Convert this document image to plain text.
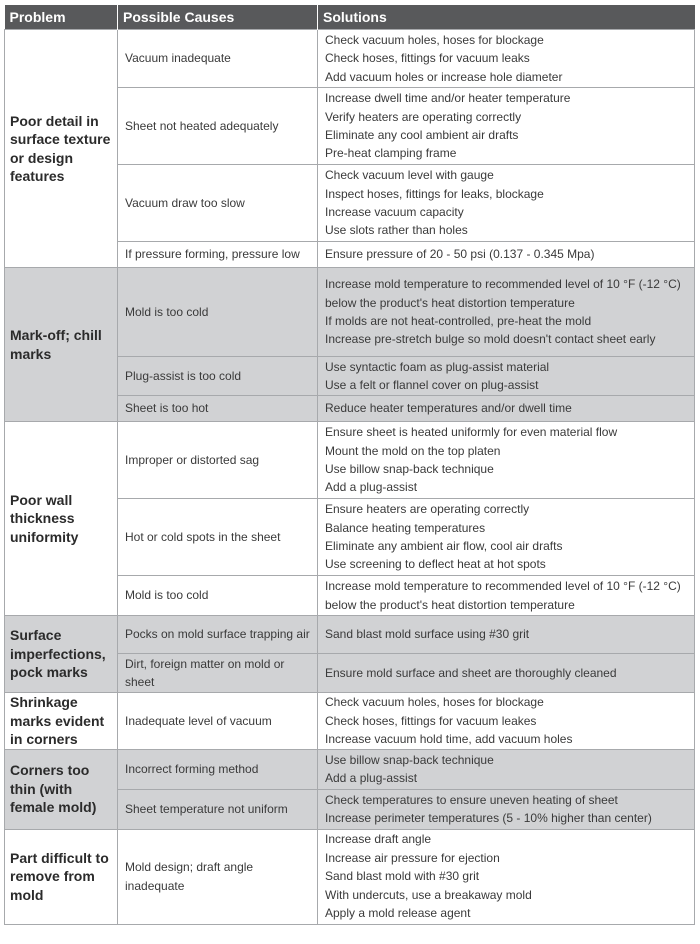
Problem	Possible Causes	Solutions
Poor detail in surface texture or design features	Vacuum inadequate	Check vacuum holes, hoses for blockage
Check hoses, fittings for vacuum leaks
Add vacuum holes or increase hole diameter

	Sheet not heated adequately	Increase dwell time and/or heater temperature
Verify heaters are operating correctly
Eliminate any cool ambient air drafts
Pre-heat clamping frame

	Vacuum draw too slow	Check vacuum level with gauge
Inspect hoses, fittings for leaks, blockage
Increase vacuum capacity
Use slots rather than holes

	If pressure forming, pressure low	Ensure pressure of 20 - 50 psi (0.137 - 0.345 Mpa)

Mark-off; chill marks	Mold is too cold	Increase mold temperature to recommended level of 10 °F (-12 °C)
below the product's heat distortion temperature
If molds are not heat-controlled, pre-heat the mold
Increase pre-stretch bulge so mold doesn't contact sheet early

	Plug-assist is too cold	Use syntactic foam as plug-assist material
Use a felt or flannel cover on plug-assist

	Sheet is too hot	Reduce heater temperatures and/or dwell time

Poor wall thickness uniformity	Improper or distorted sag	Ensure sheet is heated uniformly for even material flow
Mount the mold on the top platen
Use billow snap-back technique
Add a plug-assist

	Hot or cold spots in the sheet	Ensure heaters are operating correctly
Balance heating temperatures
Eliminate any ambient air flow, cool air drafts
Use screening to deflect heat at hot spots

	Mold is too cold	Increase mold temperature to recommended level of 10 °F (-12 °C)
below the product's heat distortion temperature

Surface imperfections, pock marks	Pocks on mold surface trapping air	Sand blast mold surface using #30 grit

	Dirt, foreign matter on mold or sheet	Ensure mold surface and sheet are thoroughly cleaned

Shrinkage marks evident in corners	Inadequate level of vacuum	Check vacuum holes, hoses for blockage
Check hoses, fittings for vacuum leakes
Increase vacuum hold time, add vacuum holes

Corners too thin (with female mold)	Incorrect forming method	Use billow snap-back technique
Add a plug-assist

	Sheet temperature not uniform	Check temperatures to ensure uneven heating of sheet
Increase perimeter temperatures (5 - 10% higher than center)

Part difficult to remove from mold	Mold design; draft angle inadequate	Increase draft angle
Increase air pressure for ejection
Sand blast mold with #30 grit
With undercuts, use a breakaway mold
Apply a mold release agent
